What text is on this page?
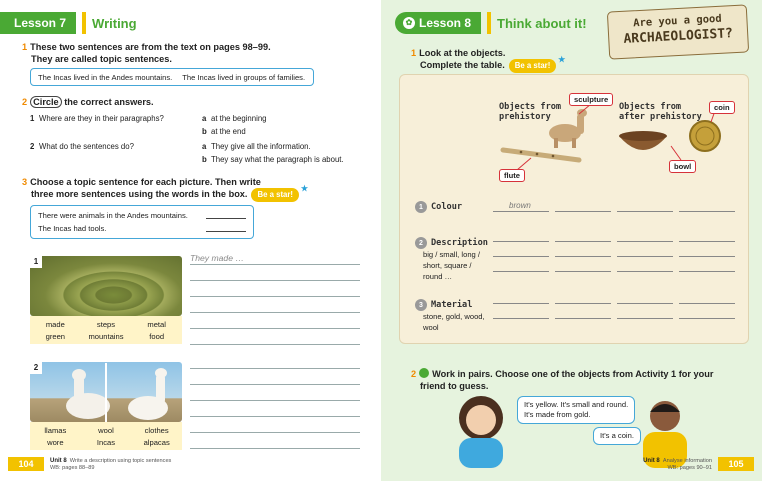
Lesson 7	Writing
1 These two sentences are from the text on pages 98–99.
They are called topic sentences.
The Incas lived in the Andes mountains. The Incas lived in groups of families.
2 Circle the correct answers.
1 Where are they in their paragraphs?	a at the beginning
b at the end
2 What do the sentences do?	a They give all the information.
b They say what the paragraph is about.
3 Choose a topic sentence for each picture. Then write
three more sentences using the words in the box. Be a star! ★
There were animals in the Andes mountains.
The Incas had tools.
1
made	steps	metal
green	mountains	food
2
llamas	wool	clothes
wore	Incas	alpacas
They made …
104	Unit 8 Write a description using topic sentences
WB: pages 88–89
✿ Lesson 8	Think about it!	Are you a good
ARCHAEOLOGIST?
1 Look at the objects.
Complete the table. Be a star! ★
Objects from
prehistory
Objects from
after prehistory
sculpture
flute
coin
bowl
1 Colour	brown
2 Description
big / small, long / short, square / round …
3 Material
stone, gold, wood, wool
2 Work in pairs. Choose one of the objects from Activity 1 for your
friend to guess.
It's yellow. It's small and round.
It's made from gold.
It's a coin.
105
Unit 8 Analyse information
WB: pages 90–91
